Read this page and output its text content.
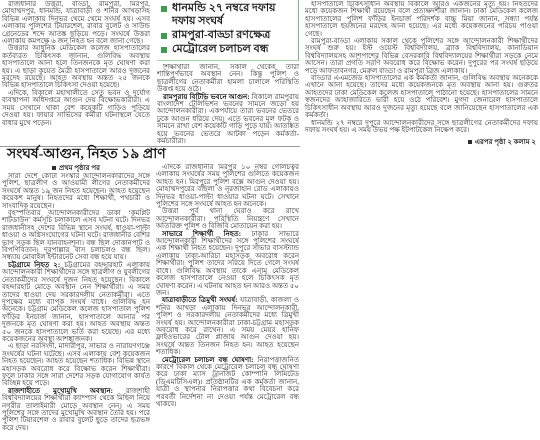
রাজধানীর উত্তরা, বাড্ডা, রামপুরা, মিরপুর, মোহাম্মদপুর, ধানমন্ডি, যাত্রাবাড়ী ও শনির আখড়াসহ বিভিন্ন এলাকায় দিনভর থেমে থেমে সংঘর্ষ হয়। এসব এলাকায় পুলিশের টিয়ারশেল, রাবার বুলেট ও সাউন্ড গ্রেনেডের শব্দে আতঙ্ক ছড়িয়ে পড়ে। সংঘর্ষে উত্তরা এলাকায় কমপক্ষে ৬ জন নিহত হন বলে জানা গেছে।

উত্তরার আধুনিক মেডিকেল কলেজ হাসপাতালের কর্তব্যরত চিকিৎসক জানান, গুলিবিদ্ধ অবস্থায় হাসপাতালে আনা হলে তিনজনকে মৃত ঘোষণা করা হয়। এ ছাড়া কুয়েত মৈত্রী হাসপাতালে আরও দুজনের মরদেহ রয়েছে। আহত অবস্থায় অন্তত ২৫ জনকে বিভিন্ন হাসপাতালে চিকিৎসা দেওয়া হয়েছে।

এদিকে, বিকালে মহাখালীতে সেতু ভবন ও দুর্যোগ ব্যবস্থাপনা অধিদপ্তরে আগুন দেয় বিক্ষোভকারীরা। এ সময় সেখানে থাকা বেশ কয়েকটি গাড়িও পুড়িয়ে দেওয়া হয়। ফায়ার সার্ভিসের কর্মীরা ঘটনাস্থলে যেতে বাধার মুখে পড়েন।

ধানমন্ডি ২৭ নম্বরে দফায় দফায় সংঘর্ষ
রামপুরা-বাড্ডা রণক্ষেত্র
মেট্রোরেল চলাচল বন্ধ

শিক্ষার্থীরা জানান, সকাল থেকেই তারা শান্তিপূর্ণভাবে অবস্থান নেন। কিন্তু পুলিশ ও ছাত্রলীগের নেতাকর্মীরা হামলা চালালে পরিস্থিতি উত্তপ্ত হয়ে ওঠে।

রামপুরায় বিটিভি ভবনে আগুন: বিকালে রামপুরায় বাংলাদেশ টেলিভিশন ভবনের সামনে জড়ো হয় আন্দোলনকারীরা। একপর্যায়ে তারা ভবনের ভেতরে ঢুকে আগুন ধরিয়ে দেয়। এতে ভবনের মূল ফটক ও সামনে রাখা বেশ কয়েকটি গাড়ি পুড়ে যায়। আতঙ্কিত হয়ে ভবনের ভেতরে আটকা পড়েন কর্মকর্তা-কর্মচারীরা।

হাসপাতালে চিকিৎসাধীন অবস্থায় বিকালে আরও একজনের মৃত্যু হয়। নিহতদের মধ্যে কয়েকজন শিক্ষার্থী রয়েছেন বলে প্রত্যক্ষদর্শীরা জানান। ঢাকা মেডিকেল কলেজ হাসপাতালের পুলিশ ফাঁড়ির ইনচার্জ পরিদর্শক বাচ্চু মিয়া জানান, সন্ধ্যা পর্যন্ত হাসপাতালে ছয়জনের মরদেহ আনা হয়েছে। এর মধ্যে কয়েকজনের পরিচয় পাওয়া গেছে।

রামপুরা-বাড্ডা এলাকায় সকাল থেকে পুলিশের সঙ্গে আন্দোলনকারী শিক্ষার্থীদের সংঘর্ষ শুরু হয়। ইস্ট ওয়েস্ট বিশ্ববিদ্যালয়, ব্র্যাক বিশ্ববিদ্যালয়, কানাডিয়ান বিশ্ববিদ্যালয়সহ আশপাশের বিভিন্ন বেসরকারি বিশ্ববিদ্যালয়ের শিক্ষার্থীরা সড়কে নেমে আসেন। তারা প্রগতি সরণি অবরোধ করে বিক্ষোভ করেন। দুপুরের পর সংঘর্ষ ছড়িয়ে পড়ে আফতাবনগর, মেরুল বাড্ডা ও রামপুরা ব্রিজ এলাকায়।

বাড্ডার এএমজেড হাসপাতালের এক কর্মকর্তা জানান, গুলিবিদ্ধ অবস্থায় অনেককে এখানে আনা হয়েছে। তাদের মধ্যে কয়েকজনকে মৃত অবস্থায় আনা হয়। গুরুতর আহতদের ঢাকা মেডিকেল কলেজ হাসপাতালে পাঠানো হয়েছে। হাসপাতালের সামনে স্বজনদের আহাজারিতে ভারী হয়ে ওঠে পরিবেশ। মুগদা জেনারেল হাসপাতালে চিকিৎসাধীন অবস্থায় আরও দুজনের মৃত্যু হয়েছে বলে জানিয়েছেন হাসপাতালের এক কর্মকর্তা।

ধানমন্ডি ২৭ নম্বরে দুপুরে আন্দোলনকারীদের সঙ্গে ছাত্রলীগের নেতাকর্মীদের দফায় দফায় সংঘর্ষ হয়। এ সময় উভয় পক্ষ ইটপাটকেল নিক্ষেপ করে।

এরপর পৃষ্ঠা ২ কলাম ২
সংঘর্ষ-আগুন, নিহত ১৯ প্রাণ
প্রথম পৃষ্ঠার পর

সারা দেশে কোটা সংস্কার আন্দোলনকারীদের সঙ্গে পুলিশ, ছাত্রলীগ ও আওয়ামী লীগের নেতাকর্মীদের সংঘর্ষে অন্তত ১৯ জন নিহত হয়েছেন। আহত হয়েছেন কয়েকশ মানুষ। নিহতদের মধ্যে শিক্ষার্থী, পথচারী ও সাংবাদিক রয়েছেন।

বৃহস্পতিবার আন্দোলনকারীদের ডাকা ‘কমপ্লিট শাটডাউন’ কর্মসূচি চলাকালে এসব ঘটনা ঘটে। দিনভর রাজধানীসহ দেশের বিভিন্ন স্থানে সংঘর্ষ, ধাওয়া-পাল্টা ধাওয়া ও অগ্নিসংযোগের ঘটনা ঘটে। রাজধানীর বেশির ভাগ সড়ক ছিল যানবাহনশূন্য। বন্ধ ছিল দোকানপাট ও বিপণিবিতান। দূরপাল্লার বাস চলাচলও বন্ধ ছিল। সন্ধ্যায় মোবাইল ইন্টারনেট সেবা বন্ধ হয়ে যায়।

চট্টগ্রামে নিহত ২: চট্টগ্রামের বহদ্দারহাট এলাকায় আন্দোলনকারী শিক্ষার্থীদের সঙ্গে ছাত্রলীগ ও যুবলীগের নেতাকর্মীদের সংঘর্ষে দুজন নিহত হয়েছেন। বিকালে বহদ্দারহাট মোড়ে অবস্থান নেন শিক্ষার্থীরা। এ সময় তাদের ধাওয়া দেয় সরকারদলীয় নেতাকর্মীরা। এতে দুপক্ষের মধ্যে ব্যাপক সংঘর্ষ বাধে। গুলিবিদ্ধ হন অনেকে। চট্টগ্রাম মেডিকেল কলেজ হাসপাতাল পুলিশ ফাঁড়ির ইনচার্জ জানান, হাসপাতালে আনার পর দুজনকে মৃত ঘোষণা করা হয়। আহত অবস্থায় অন্তত ৫০ জনকে হাসপাতালে ভর্তি করা হয়েছে। এর মধ্যে কয়েকজনের অবস্থা আশঙ্কাজনক।

এ ছাড়া নরসিংদী, মাদারীপুর, সাভার ও নারায়ণগঞ্জে সংঘর্ষের ঘটনা ঘটেছে। এসব এলাকায় বেশ কয়েকজন নিহত হয়েছেন। আহত হয়েছেন শতাধিক। বিভিন্ন স্থানে মহাসড়ক অবরোধ করে বিক্ষোভ করেন শিক্ষার্থীরা। ফলে ঢাকার সঙ্গে সারা দেশের সড়ক যোগাযোগ কার্যত বিচ্ছিন্ন হয়ে পড়ে।

রাজশাহীতে মুখোমুখি অবস্থান: রাজশাহী বিশ্ববিদ্যালয়ের শিক্ষার্থীরা ক্যাম্পাস থেকে মিছিল নিয়ে নগরীর তালাইমারী মোড়ে অবস্থান নেন। এ সময় পুলিশের সঙ্গে তাদের মুখোমুখি অবস্থান তৈরি হয়। পরে পুলিশ টিয়ারশেল ও রাবার বুলেট ছুড়ে তাদের ছত্রভঙ্গ করে দেয়।

এদিকে রাজধানীর মিরপুর ১০ নম্বর গোলচত্বর এলাকায় সংঘর্ষের সময় পুলিশের গুলিতে কয়েকজন আহত হন। মিরপুরে পুলিশ বক্সে আগুন দেওয়া হয়। মোহাম্মদপুরের বছিলা ও নূরজাহান রোড এলাকায়ও দিনভর ধাওয়া-পাল্টা ধাওয়ার ঘটনা ঘটে। সেখানে পুলিশের সঙ্গে সংঘর্ষে আহত হন অনেকে।

উত্তরা পূর্ব থানা ঘেরাও করে রাখে আন্দোলনকারীরা। পরিস্থিতি নিয়ন্ত্রণে সেখানে অতিরিক্ত পুলিশ ও বিজিবি মোতায়েন করা হয়।

সাভারে শিক্ষার্থী নিহত: ঢাকার সাভারে আন্দোলনকারী শিক্ষার্থীদের সঙ্গে পুলিশের সংঘর্ষে এক শিক্ষার্থী নিহত হয়েছেন। দুপুরে সাভার বাসস্ট্যান্ড এলাকায় ঢাকা-আরিচা মহাসড়ক অবরোধ করেন শিক্ষার্থীরা। পুলিশ তাদের সরিয়ে দিতে গেলে সংঘর্ষ বাধে। গুলিবিদ্ধ অবস্থায় তাকে এনাম মেডিকেল কলেজ হাসপাতালে নেওয়া হলে চিকিৎসক মৃত ঘোষণা করেন। এ ঘটনায় আহত হন আরও অন্তত ৫০ জন।

যাত্রাবাড়ীতে ত্রিমুখী সংঘর্ষ: যাত্রাবাড়ী, কাজলা ও শনির আখড়া এলাকায় দিনভর আন্দোলনকারী, পুলিশ ও সরকারদলীয় নেতাকর্মীদের মধ্যে ত্রিমুখী সংঘর্ষ হয়। আন্দোলনকারীরা ঢাকা-চট্টগ্রাম মহাসড়ক অবরোধ করে রাখেন। এ সময় মেয়র হানিফ ফ্লাইওভারের টোল প্লাজায় আগুন দেওয়া হয়। সংঘর্ষে অন্তত তিনজন নিহত হন। আহত হয়েছেন শতাধিক।

মেট্রোরেল চলাচল বন্ধ ঘোষণা: নিরাপত্তাজনিত কারণে বিকাল থেকে মেট্রোরেল চলাচল বন্ধ ঘোষণা করে ঢাকা ম্যাস ট্রানজিট কোম্পানি লিমিটেড (ডিএমটিসিএল)। প্রতিষ্ঠানটির এক কর্মকর্তা জানান, যাত্রী ও স্থাপনার নিরাপত্তার কথা বিবেচনা করে পরবর্তী নির্দেশনা না দেওয়া পর্যন্ত মেট্রোরেল বন্ধ থাকবে।
